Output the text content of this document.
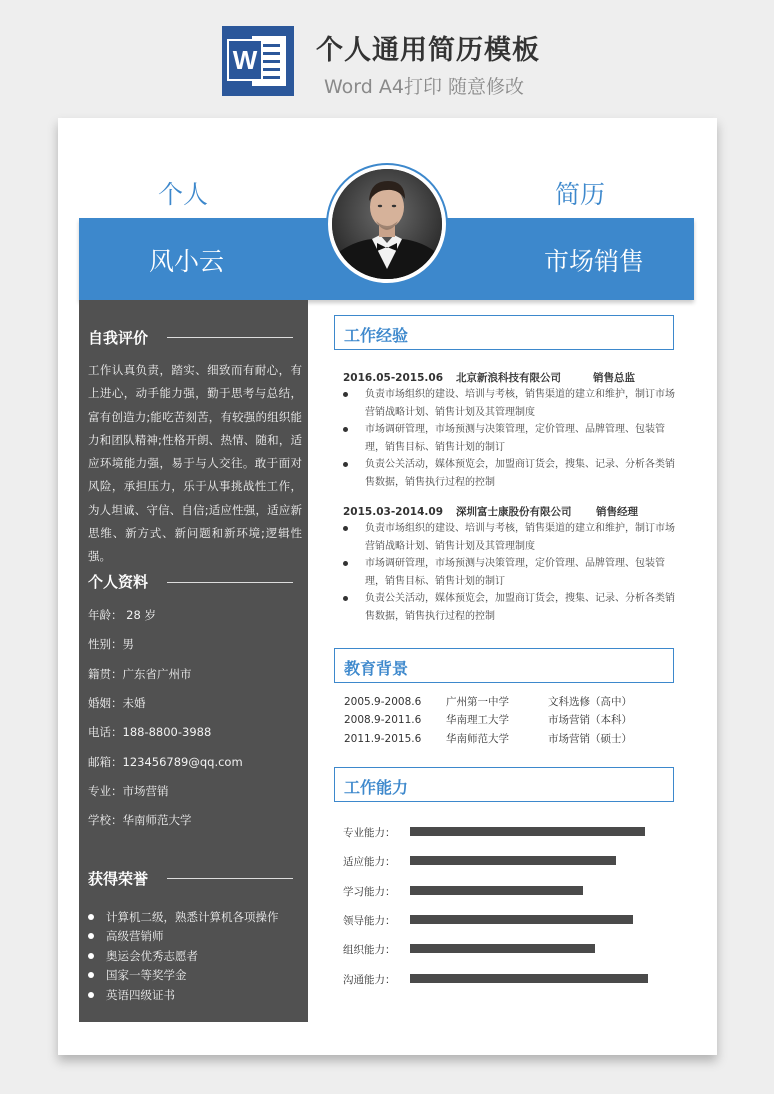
W 个人通用简历模板
Word A4打印 随意修改
个人	简历
风小云	市场销售
自我评价
工作认真负责，踏实、细致而有耐心，有上进心，动手能力强，勤于思考与总结，富有创造力;能吃苦刻苦，有较强的组织能力和团队精神;性格开朗、热情、随和，适应环境能力强，易于与人交往。敢于面对风险，承担压力，乐于从事挑战性工作，为人坦诚、守信、自信;适应性强，适应新思维、新方式、新问题和新环境;逻辑性强。
个人资料
年龄： 28 岁
性别：男
籍贯：广东省广州市
婚姻：未婚
电话：188-8800-3988
邮箱：123456789@qq.com
专业：市场营销
学校：华南师范大学
获得荣誉
计算机二级，熟悉计算机各项操作
高级营销师
奥运会优秀志愿者
国家一等奖学金
英语四级证书
工作经验
2016.05-2015.06 北京新浪科技有限公司	销售总监
负责市场组织的建设、培训与考核，销售渠道的建立和维护，制订市场营销战略计划、销售计划及其管理制度
市场调研管理，市场预测与决策管理，定价管理、品牌管理、包装管理，销售目标、销售计划的制订
负责公关活动，媒体预览会，加盟商订货会，搜集、记录、分析各类销售数据，销售执行过程的控制
2015.03-2014.09 深圳富士康股份有限公司 销售经理
负责市场组织的建设、培训与考核，销售渠道的建立和维护，制订市场营销战略计划、销售计划及其管理制度
市场调研管理，市场预测与决策管理，定价管理、品牌管理、包装管理，销售目标、销售计划的制订
负责公关活动，媒体预览会，加盟商订货会，搜集、记录、分析各类销售数据，销售执行过程的控制
教育背景
2005.9-2008.6 广州第一中学	文科选修（高中）
2008.9-2011.6 华南理工大学	市场营销（本科）
2011.9-2015.6 华南师范大学	市场营销（硕士）
工作能力
专业能力：
适应能力：
学习能力：
领导能力：
组织能力：
沟通能力：
